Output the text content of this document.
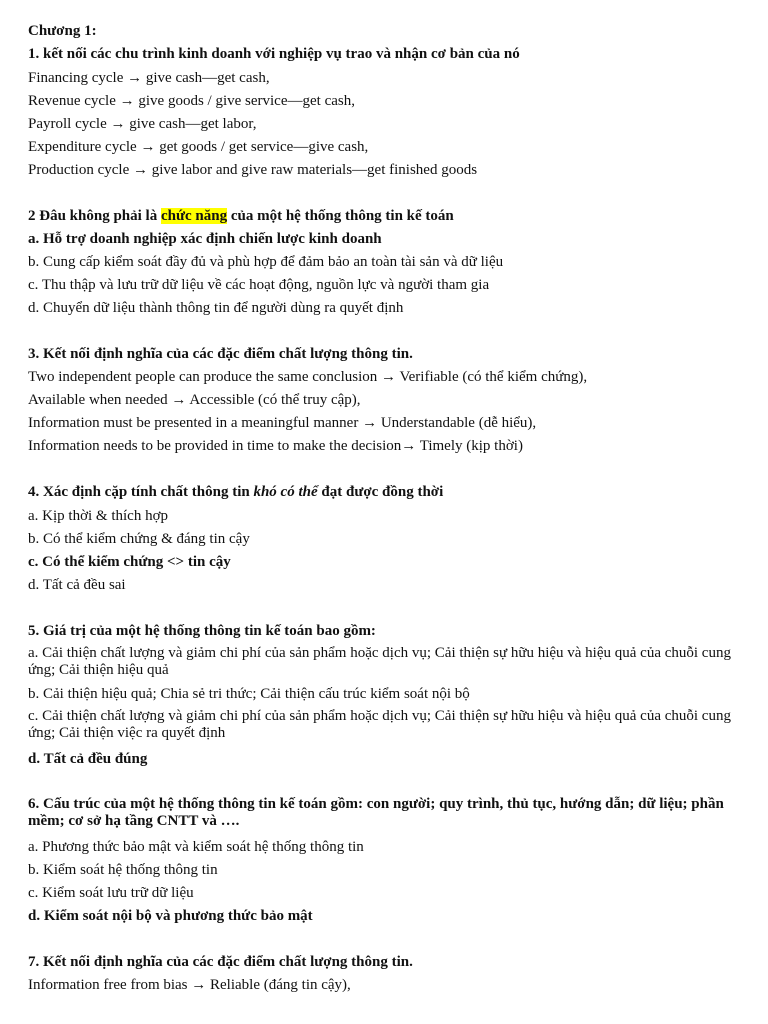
Chương 1:
1. kết nối các chu trình kinh doanh với nghiệp vụ trao và nhận cơ bản của nó
Financing cycle → give cash—get cash,
Revenue cycle → give goods / give service—get cash,
Payroll cycle → give cash—get labor,
Expenditure cycle → get goods / get service—give cash,
Production cycle → give labor and give raw materials—get finished goods
2 Đâu không phải là chức năng của một hệ thống thông tin kế toán
a. Hỗ trợ doanh nghiệp xác định chiến lược kinh doanh
b. Cung cấp kiểm soát đầy đủ và phù hợp để đảm bảo an toàn tài sản và dữ liệu
c. Thu thập và lưu trữ dữ liệu về các hoạt động, nguồn lực và người tham gia
d. Chuyển dữ liệu thành thông tin để người dùng ra quyết định
3. Kết nối định nghĩa của các đặc điểm chất lượng thông tin.
Two independent people can produce the same conclusion → Verifiable (có thể kiểm chứng),
Available when needed → Accessible (có thể truy cập),
Information must be presented in a meaningful manner → Understandable (dễ hiểu),
Information needs to be provided in time to make the decision→ Timely (kịp thời)
4. Xác định cặp tính chất thông tin khó có thể đạt được đồng thời
a. Kịp thời & thích hợp
b. Có thể kiểm chứng & đáng tin cậy
c. Có thể kiểm chứng <> tin cậy
d. Tất cả đều sai
5. Giá trị của một hệ thống thông tin kế toán bao gồm:
a. Cải thiện chất lượng và giảm chi phí của sản phẩm hoặc dịch vụ; Cải thiện sự hữu hiệu và hiệu quả của chuỗi cung ứng; Cải thiện hiệu quả
b. Cải thiện hiệu quả; Chia sẻ tri thức; Cải thiện cấu trúc kiểm soát nội bộ
c. Cải thiện chất lượng và giảm chi phí của sản phẩm hoặc dịch vụ; Cải thiện sự hữu hiệu và hiệu quả của chuỗi cung ứng; Cải thiện việc ra quyết định
d. Tất cả đều đúng
6. Cấu trúc của một hệ thống thông tin kế toán gồm: con người; quy trình, thủ tục, hướng dẫn; dữ liệu; phần mềm; cơ sở hạ tầng CNTT và ….
a. Phương thức bảo mật và kiểm soát hệ thống thông tin
b. Kiểm soát hệ thống thông tin
c. Kiểm soát lưu trữ dữ liệu
d. Kiểm soát nội bộ và phương thức bảo mật
7. Kết nối định nghĩa của các đặc điểm chất lượng thông tin.
Information free from bias → Reliable (đáng tin cậy),
